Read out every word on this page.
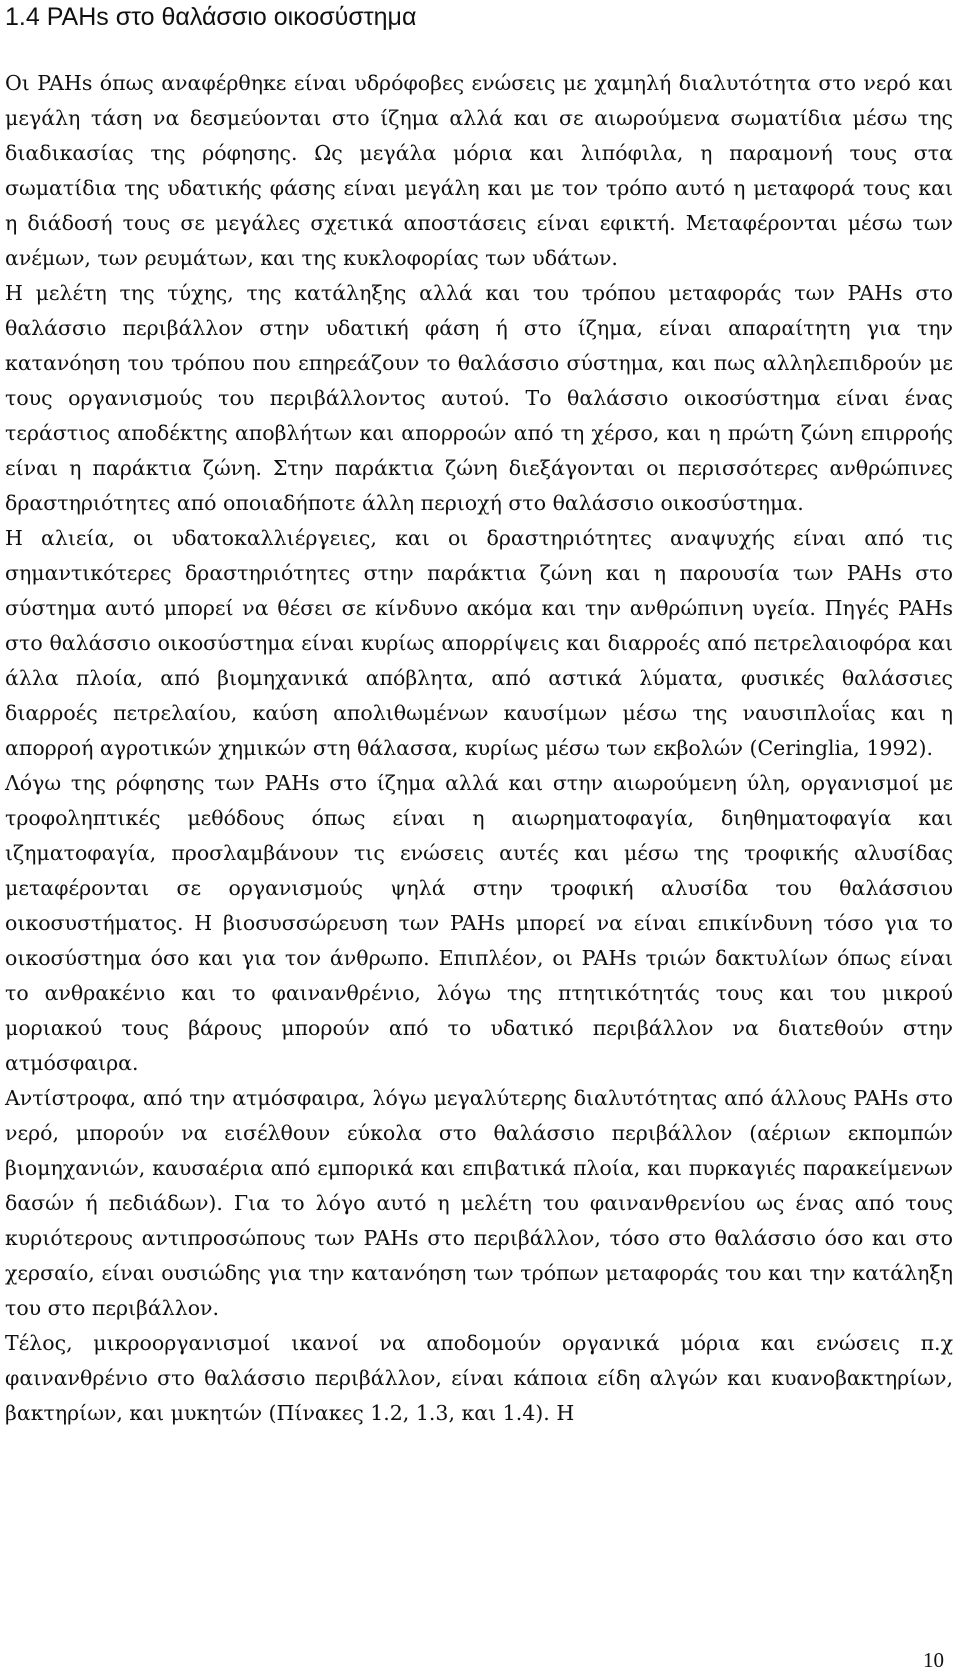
1.4 PAHs στο θαλάσσιο οικοσύστημα

Οι PAHs όπως αναφέρθηκε είναι υδρόφοβες ενώσεις με χαμηλή διαλυτότητα στο νερό και μεγάλη τάση να δεσμεύονται στο ίζημα αλλά και σε αιωρούμενα σωματίδια μέσω της διαδικασίας της ρόφησης. Ως μεγάλα μόρια και λιπόφιλα, η παραμονή τους στα σωματίδια της υδατικής φάσης είναι μεγάλη και με τον τρόπο αυτό η μεταφορά τους και η διάδοσή τους σε μεγάλες σχετικά αποστάσεις είναι εφικτή. Μεταφέρονται μέσω των ανέμων, των ρευμάτων, και της κυκλοφορίας των υδάτων.

Η μελέτη της τύχης, της κατάληξης αλλά και του τρόπου μεταφοράς των PAHs στο θαλάσσιο περιβάλλον στην υδατική φάση ή στο ίζημα, είναι απαραίτητη για την κατανόηση του τρόπου που επηρεάζουν το θαλάσσιο σύστημα, και πως αλληλεπιδρούν με τους οργανισμούς του περιβάλλοντος αυτού. Το θαλάσσιο οικοσύστημα είναι ένας τεράστιος αποδέκτης αποβλήτων και απορροών από τη χέρσο, και η πρώτη ζώνη επιρροής είναι η παράκτια ζώνη. Στην παράκτια ζώνη διεξάγονται οι περισσότερες ανθρώπινες δραστηριότητες από οποιαδήποτε άλλη περιοχή στο θαλάσσιο οικοσύστημα.

Η αλιεία, οι υδατοκαλλιέργειες, και οι δραστηριότητες αναψυχής είναι από τις σημαντικότερες δραστηριότητες στην παράκτια ζώνη και η παρουσία των PAHs στο σύστημα αυτό μπορεί να θέσει σε κίνδυνο ακόμα και την ανθρώπινη υγεία. Πηγές PAHs στο θαλάσσιο οικοσύστημα είναι κυρίως απορρίψεις και διαρροές από πετρελαιοφόρα και άλλα πλοία, από βιομηχανικά απόβλητα, από αστικά λύματα, φυσικές θαλάσσιες διαρροές πετρελαίου, καύση απολιθωμένων καυσίμων μέσω της ναυσιπλοΐας και η απορροή αγροτικών χημικών στη θάλασσα, κυρίως μέσω των εκβολών (Ceringlia, 1992).

Λόγω της ρόφησης των PAHs στο ίζημα αλλά και στην αιωρούμενη ύλη, οργανισμοί με τροφοληπτικές μεθόδους όπως είναι η αιωρηματοφαγία, διηθηματοφαγία και ιζηματοφαγία, προσλαμβάνουν τις ενώσεις αυτές και μέσω της τροφικής αλυσίδας μεταφέρονται σε οργανισμούς ψηλά στην τροφική αλυσίδα του θαλάσσιου οικοσυστήματος. Η βιοσυσσώρευση των PAHs μπορεί να είναι επικίνδυνη τόσο για το οικοσύστημα όσο και για τον άνθρωπο. Επιπλέον, οι PAHs τριών δακτυλίων όπως είναι το ανθρακένιο και το φαινανθρένιο, λόγω της πτητικότητάς τους και του μικρού μοριακού τους βάρους μπορούν από το υδατικό περιβάλλον να διατεθούν στην ατμόσφαιρα.

Αντίστροφα, από την ατμόσφαιρα, λόγω μεγαλύτερης διαλυτότητας από άλλους PAHs στο νερό, μπορούν να εισέλθουν εύκολα στο θαλάσσιο περιβάλλον (αέριων εκπομπών βιομηχανιών, καυσαέρια από εμπορικά και επιβατικά πλοία, και πυρκαγιές παρακείμενων δασών ή πεδιάδων). Για το λόγο αυτό η μελέτη του φαινανθρενίου ως ένας από τους κυριότερους αντιπροσώπους των PAHs στο περιβάλλον, τόσο στο θαλάσσιο όσο και στο χερσαίο, είναι ουσιώδης για την κατανόηση των τρόπων μεταφοράς του και την κατάληξη του στο περιβάλλον.

Τέλος, μικροοργανισμοί ικανοί να αποδομούν οργανικά μόρια και ενώσεις π.χ φαινανθρένιο στο θαλάσσιο περιβάλλον, είναι κάποια είδη αλγών και κυανοβακτηρίων, βακτηρίων, και μυκητών (Πίνακες 1.2, 1.3, και 1.4). Η

10
